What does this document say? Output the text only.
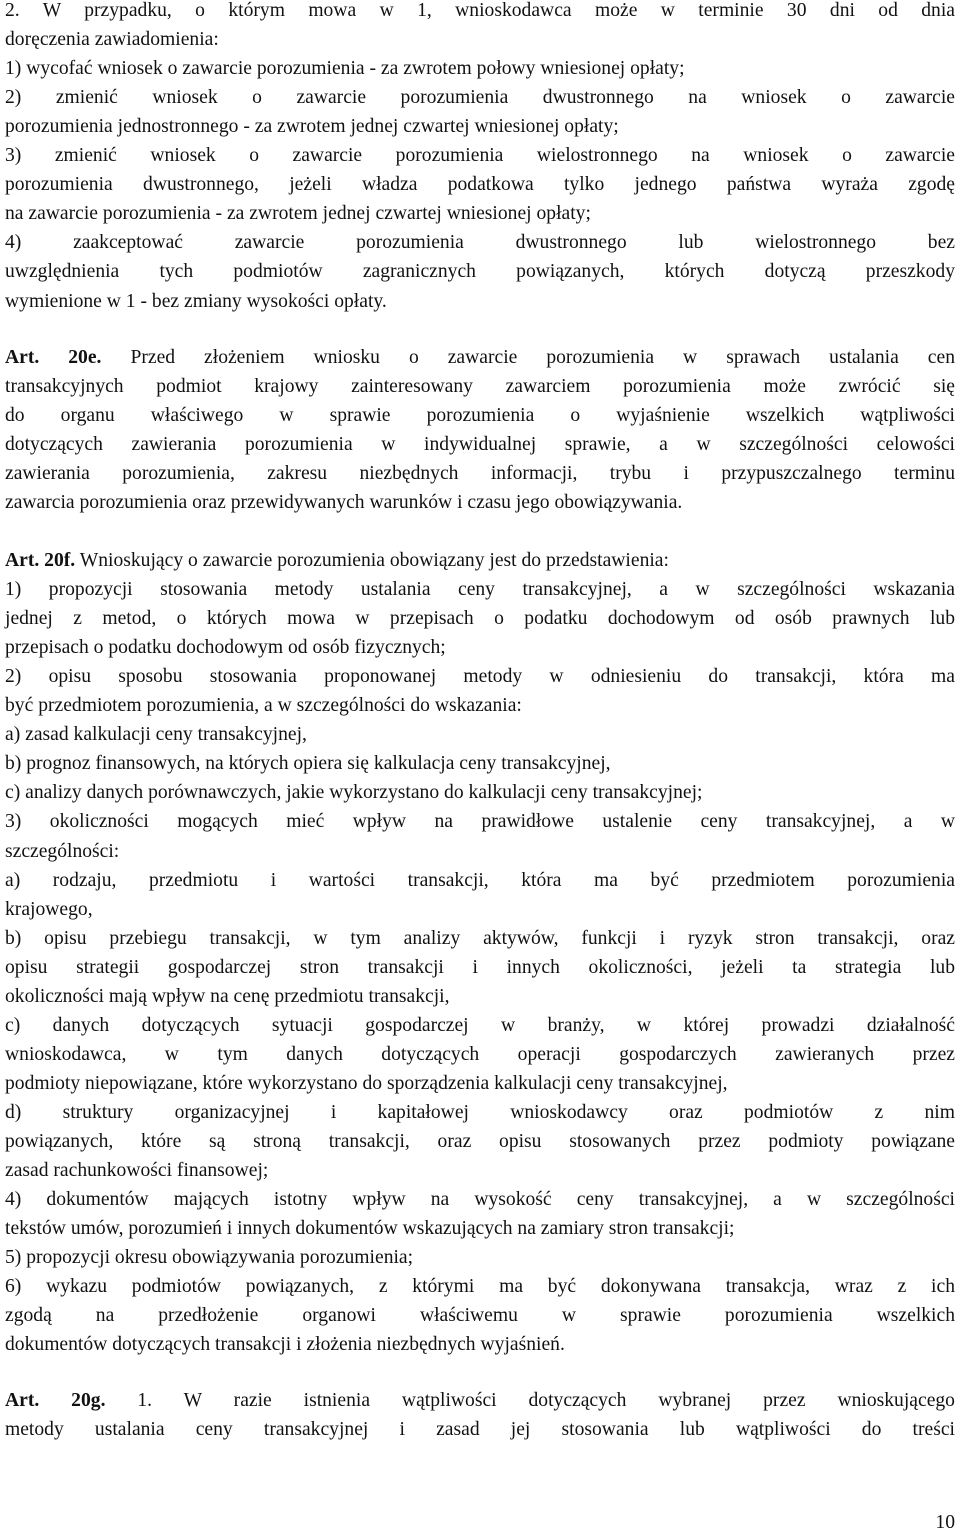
2. W przypadku, o którym mowa w 1, wnioskodawca może w terminie 30 dni od dnia
doręczenia zawiadomienia:
1) wycofać wniosek o zawarcie porozumienia - za zwrotem połowy wniesionej opłaty;
2) zmienić wniosek o zawarcie porozumienia dwustronnego na wniosek o zawarcie
porozumienia jednostronnego - za zwrotem jednej czwartej wniesionej opłaty;
3) zmienić wniosek o zawarcie porozumienia wielostronnego na wniosek o zawarcie
porozumienia dwustronnego, jeżeli władza podatkowa tylko jednego państwa wyraża zgodę
na zawarcie porozumienia - za zwrotem jednej czwartej wniesionej opłaty;
4) zaakceptować zawarcie porozumienia dwustronnego lub wielostronnego bez
uwzględnienia tych podmiotów zagranicznych powiązanych, których dotyczą przeszkody
wymienione w 1 - bez zmiany wysokości opłaty.
Art. 20e. Przed złożeniem wniosku o zawarcie porozumienia w sprawach ustalania cen
transakcyjnych podmiot krajowy zainteresowany zawarciem porozumienia może zwrócić się
do organu właściwego w sprawie porozumienia o wyjaśnienie wszelkich wątpliwości
dotyczących zawierania porozumienia w indywidualnej sprawie, a w szczególności celowości
zawierania porozumienia, zakresu niezbędnych informacji, trybu i przypuszczalnego terminu
zawarcia porozumienia oraz przewidywanych warunków i czasu jego obowiązywania.
Art. 20f. Wnioskujący o zawarcie porozumienia obowiązany jest do przedstawienia:
1) propozycji stosowania metody ustalania ceny transakcyjnej, a w szczególności wskazania
jednej z metod, o których mowa w przepisach o podatku dochodowym od osób prawnych lub
przepisach o podatku dochodowym od osób fizycznych;
2) opisu sposobu stosowania proponowanej metody w odniesieniu do transakcji, która ma
być przedmiotem porozumienia, a w szczególności do wskazania:
a) zasad kalkulacji ceny transakcyjnej,
b) prognoz finansowych, na których opiera się kalkulacja ceny transakcyjnej,
c) analizy danych porównawczych, jakie wykorzystano do kalkulacji ceny transakcyjnej;
3) okoliczności mogących mieć wpływ na prawidłowe ustalenie ceny transakcyjnej, a w
szczególności:
a) rodzaju, przedmiotu i wartości transakcji, która ma być przedmiotem porozumienia
krajowego,
b) opisu przebiegu transakcji, w tym analizy aktywów, funkcji i ryzyk stron transakcji, oraz
opisu strategii gospodarczej stron transakcji i innych okoliczności, jeżeli ta strategia lub
okoliczności mają wpływ na cenę przedmiotu transakcji,
c) danych dotyczących sytuacji gospodarczej w branży, w której prowadzi działalność
wnioskodawca, w tym danych dotyczących operacji gospodarczych zawieranych przez
podmioty niepowiązane, które wykorzystano do sporządzenia kalkulacji ceny transakcyjnej,
d) struktury organizacyjnej i kapitałowej wnioskodawcy oraz podmiotów z nim
powiązanych, które są stroną transakcji, oraz opisu stosowanych przez podmioty powiązane
zasad rachunkowości finansowej;
4) dokumentów mających istotny wpływ na wysokość ceny transakcyjnej, a w szczególności
tekstów umów, porozumień i innych dokumentów wskazujących na zamiary stron transakcji;
5) propozycji okresu obowiązywania porozumienia;
6) wykazu podmiotów powiązanych, z którymi ma być dokonywana transakcja, wraz z ich
zgodą na przedłożenie organowi właściwemu w sprawie porozumienia wszelkich
dokumentów dotyczących transakcji i złożenia niezbędnych wyjaśnień.
Art. 20g. 1. W razie istnienia wątpliwości dotyczących wybranej przez wnioskującego
metody ustalania ceny transakcyjnej i zasad jej stosowania lub wątpliwości do treści
10
